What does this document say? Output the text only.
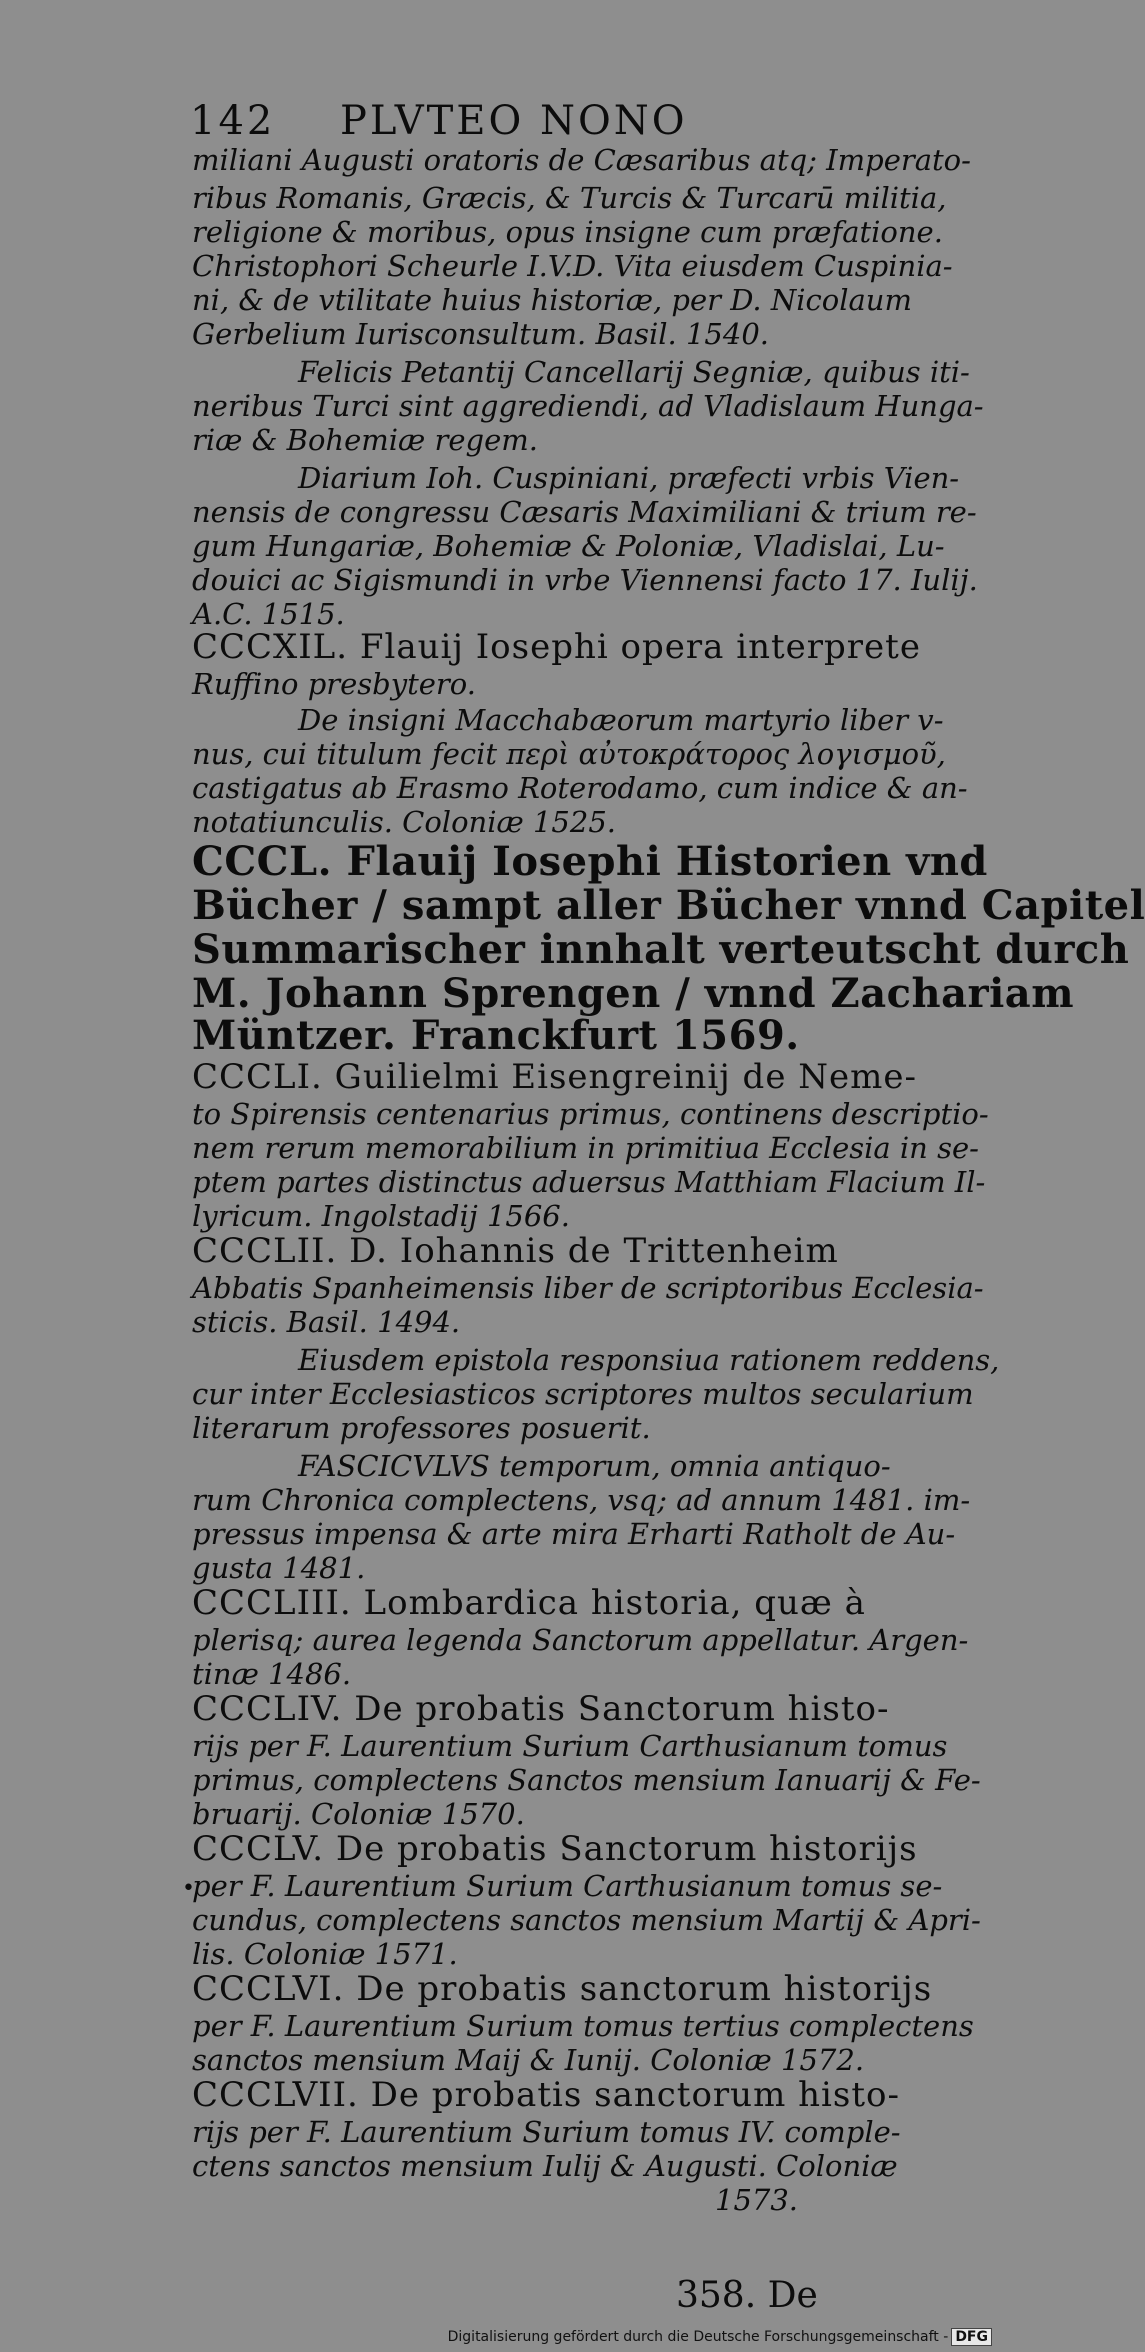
142 PLVTEO NONO
miliani Augusti oratoris de Cæsaribus atq; Imperato-
ribus Romanis, Græcis, & Turcis & Turcarū militia,
religione & moribus, opus insigne cum præfatione.
Christophori Scheurle I.V.D. Vita eiusdem Cuspinia-
ni, & de vtilitate huius historiæ, per D. Nicolaum
Gerbelium Iurisconsultum. Basil. 1540.
Felicis Petantij Cancellarij Segniæ, quibus iti-
neribus Turci sint aggrediendi, ad Vladislaum Hunga-
riæ & Bohemiæ regem.
Diarium Ioh. Cuspiniani, præfecti vrbis Vien-
nensis de congressu Cæsaris Maximiliani & trium re-
gum Hungariæ, Bohemiæ & Poloniæ, Vladislai, Lu-
douici ac Sigismundi in vrbe Viennensi facto 17. Iulij.
A.C. 1515.
CCCXIL. Flauij Iosephi opera interprete
Ruffino presbytero.
De insigni Macchabæorum martyrio liber v-
nus, cui titulum fecit περὶ αὐτοκράτορος λογισμοῦ,
castigatus ab Erasmo Roterodamo, cum indice & an-
notatiunculis. Coloniæ 1525.
CCCL. Flauij Iosephi Historien vnd
Bücher / sampt aller Bücher vnnd Capitel
Summarischer innhalt verteutscht durch
M. Johann Sprengen / vnnd Zachariam
Müntzer. Franckfurt 1569.
CCCLI. Guilielmi Eisengreinij de Neme-
to Spirensis centenarius primus, continens descriptio-
nem rerum memorabilium in primitiua Ecclesia in se-
ptem partes distinctus aduersus Matthiam Flacium Il-
lyricum. Ingolstadij 1566.
CCCLII. D. Iohannis de Trittenheim
Abbatis Spanheimensis liber de scriptoribus Ecclesia-
sticis. Basil. 1494.
Eiusdem epistola responsiua rationem reddens,
cur inter Ecclesiasticos scriptores multos secularium
literarum professores posuerit.
FASCICVLVS temporum, omnia antiquo-
rum Chronica complectens, vsq; ad annum 1481. im-
pressus impensa & arte mira Erharti Ratholt de Au-
gusta 1481.
CCCLIII. Lombardica historia, quæ à
plerisq; aurea legenda Sanctorum appellatur. Argen-
tinæ 1486.
CCCLIV. De probatis Sanctorum histo-
rijs per F. Laurentium Surium Carthusianum tomus
primus, complectens Sanctos mensium Ianuarij & Fe-
bruarij. Coloniæ 1570.
CCCLV. De probatis Sanctorum historijs
per F. Laurentium Surium Carthusianum tomus se-
cundus, complectens sanctos mensium Martij & Apri-
lis. Coloniæ 1571.
CCCLVI. De probatis sanctorum historijs
per F. Laurentium Surium tomus tertius complectens
sanctos mensium Maij & Iunij. Coloniæ 1572.
CCCLVII. De probatis sanctorum histo-
rijs per F. Laurentium Surium tomus IV. comple-
ctens sanctos mensium Iulij & Augusti. Coloniæ
1573.
•
358. De
Digitalisierung gefördert durch die Deutsche Forschungsgemeinschaft - DFG
